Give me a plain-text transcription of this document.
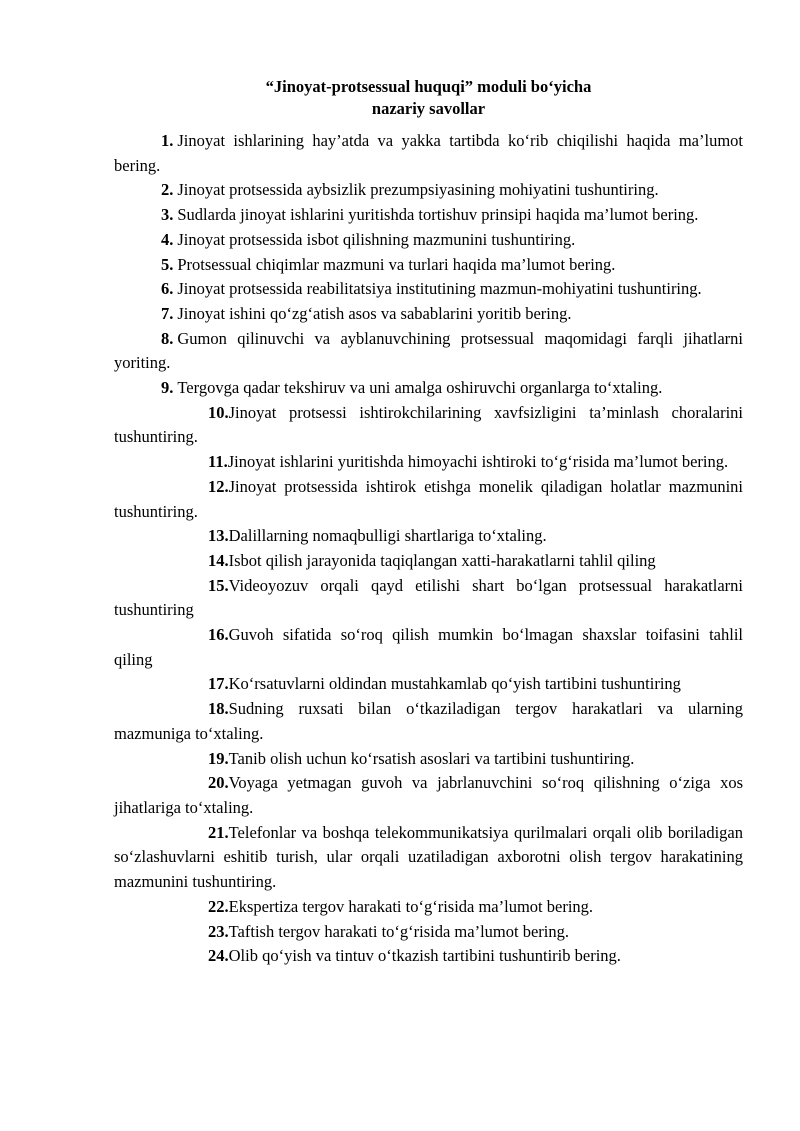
“Jinoyat-protsessual huquqi” moduli bo‘yicha
nazariy savollar
1. Jinoyat ishlarining hay’atda va yakka tartibda ko‘rib chiqilishi haqida ma’lumot bering.
2. Jinoyat protsessida aybsizlik prezumpsiyasining mohiyatini tushuntiring.
3. Sudlarda jinoyat ishlarini yuritishda tortishuv prinsipi haqida ma’lumot bering.
4. Jinoyat protsessida isbot qilishning mazmunini tushuntiring.
5. Protsessual chiqimlar mazmuni va turlari haqida ma’lumot bering.
6. Jinoyat protsessida reabilitatsiya institutining mazmun-mohiyatini tushuntiring.
7. Jinoyat ishini qo‘zg‘atish asos va sabablarini yoritib bering.
8. Gumon qilinuvchi va ayblanuvchining protsessual maqomidagi farqli jihatlarni yoriting.
9. Tergovga qadar tekshiruv va uni amalga oshiruvchi organlarga to‘xtaling.
10.Jinoyat protsessi ishtirokchilarining xavfsizligini ta’minlash choralarini tushuntiring.
11.Jinoyat ishlarini yuritishda himoyachi ishtiroki to‘g‘risida ma’lumot bering.
12.Jinoyat protsessida ishtirok etishga monelik qiladigan holatlar mazmunini tushuntiring.
13.Dalillarning nomaqbulligi shartlariga to‘xtaling.
14.Isbot qilish jarayonida taqiqlangan xatti-harakatlarni tahlil qiling
15.Videoyozuv orqali qayd etilishi shart bo‘lgan protsessual harakatlarni tushuntiring
16.Guvoh sifatida so‘roq qilish mumkin bo‘lmagan shaxslar toifasini tahlil qiling
17.Ko‘rsatuvlarni oldindan mustahkamlab qo‘yish tartibini tushuntiring
18.Sudning ruxsati bilan o‘tkaziladigan tergov harakatlari va ularning mazmuniga to‘xtaling.
19.Tanib olish uchun ko‘rsatish asoslari va tartibini tushuntiring.
20.Voyaga yetmagan guvoh va jabrlanuvchini so‘roq qilishning o‘ziga xos jihatlariga to‘xtaling.
21.Telefonlar va boshqa telekommunikatsiya qurilmalari orqali olib boriladigan so‘zlashuvlarni eshitib turish, ular orqali uzatiladigan axborotni olish tergov harakatining mazmunini tushuntiring.
22.Ekspertiza tergov harakati to‘g‘risida ma’lumot bering.
23.Taftish tergov harakati to‘g‘risida ma’lumot bering.
24.Olib qo‘yish va tintuv o‘tkazish tartibini tushuntirib bering.
